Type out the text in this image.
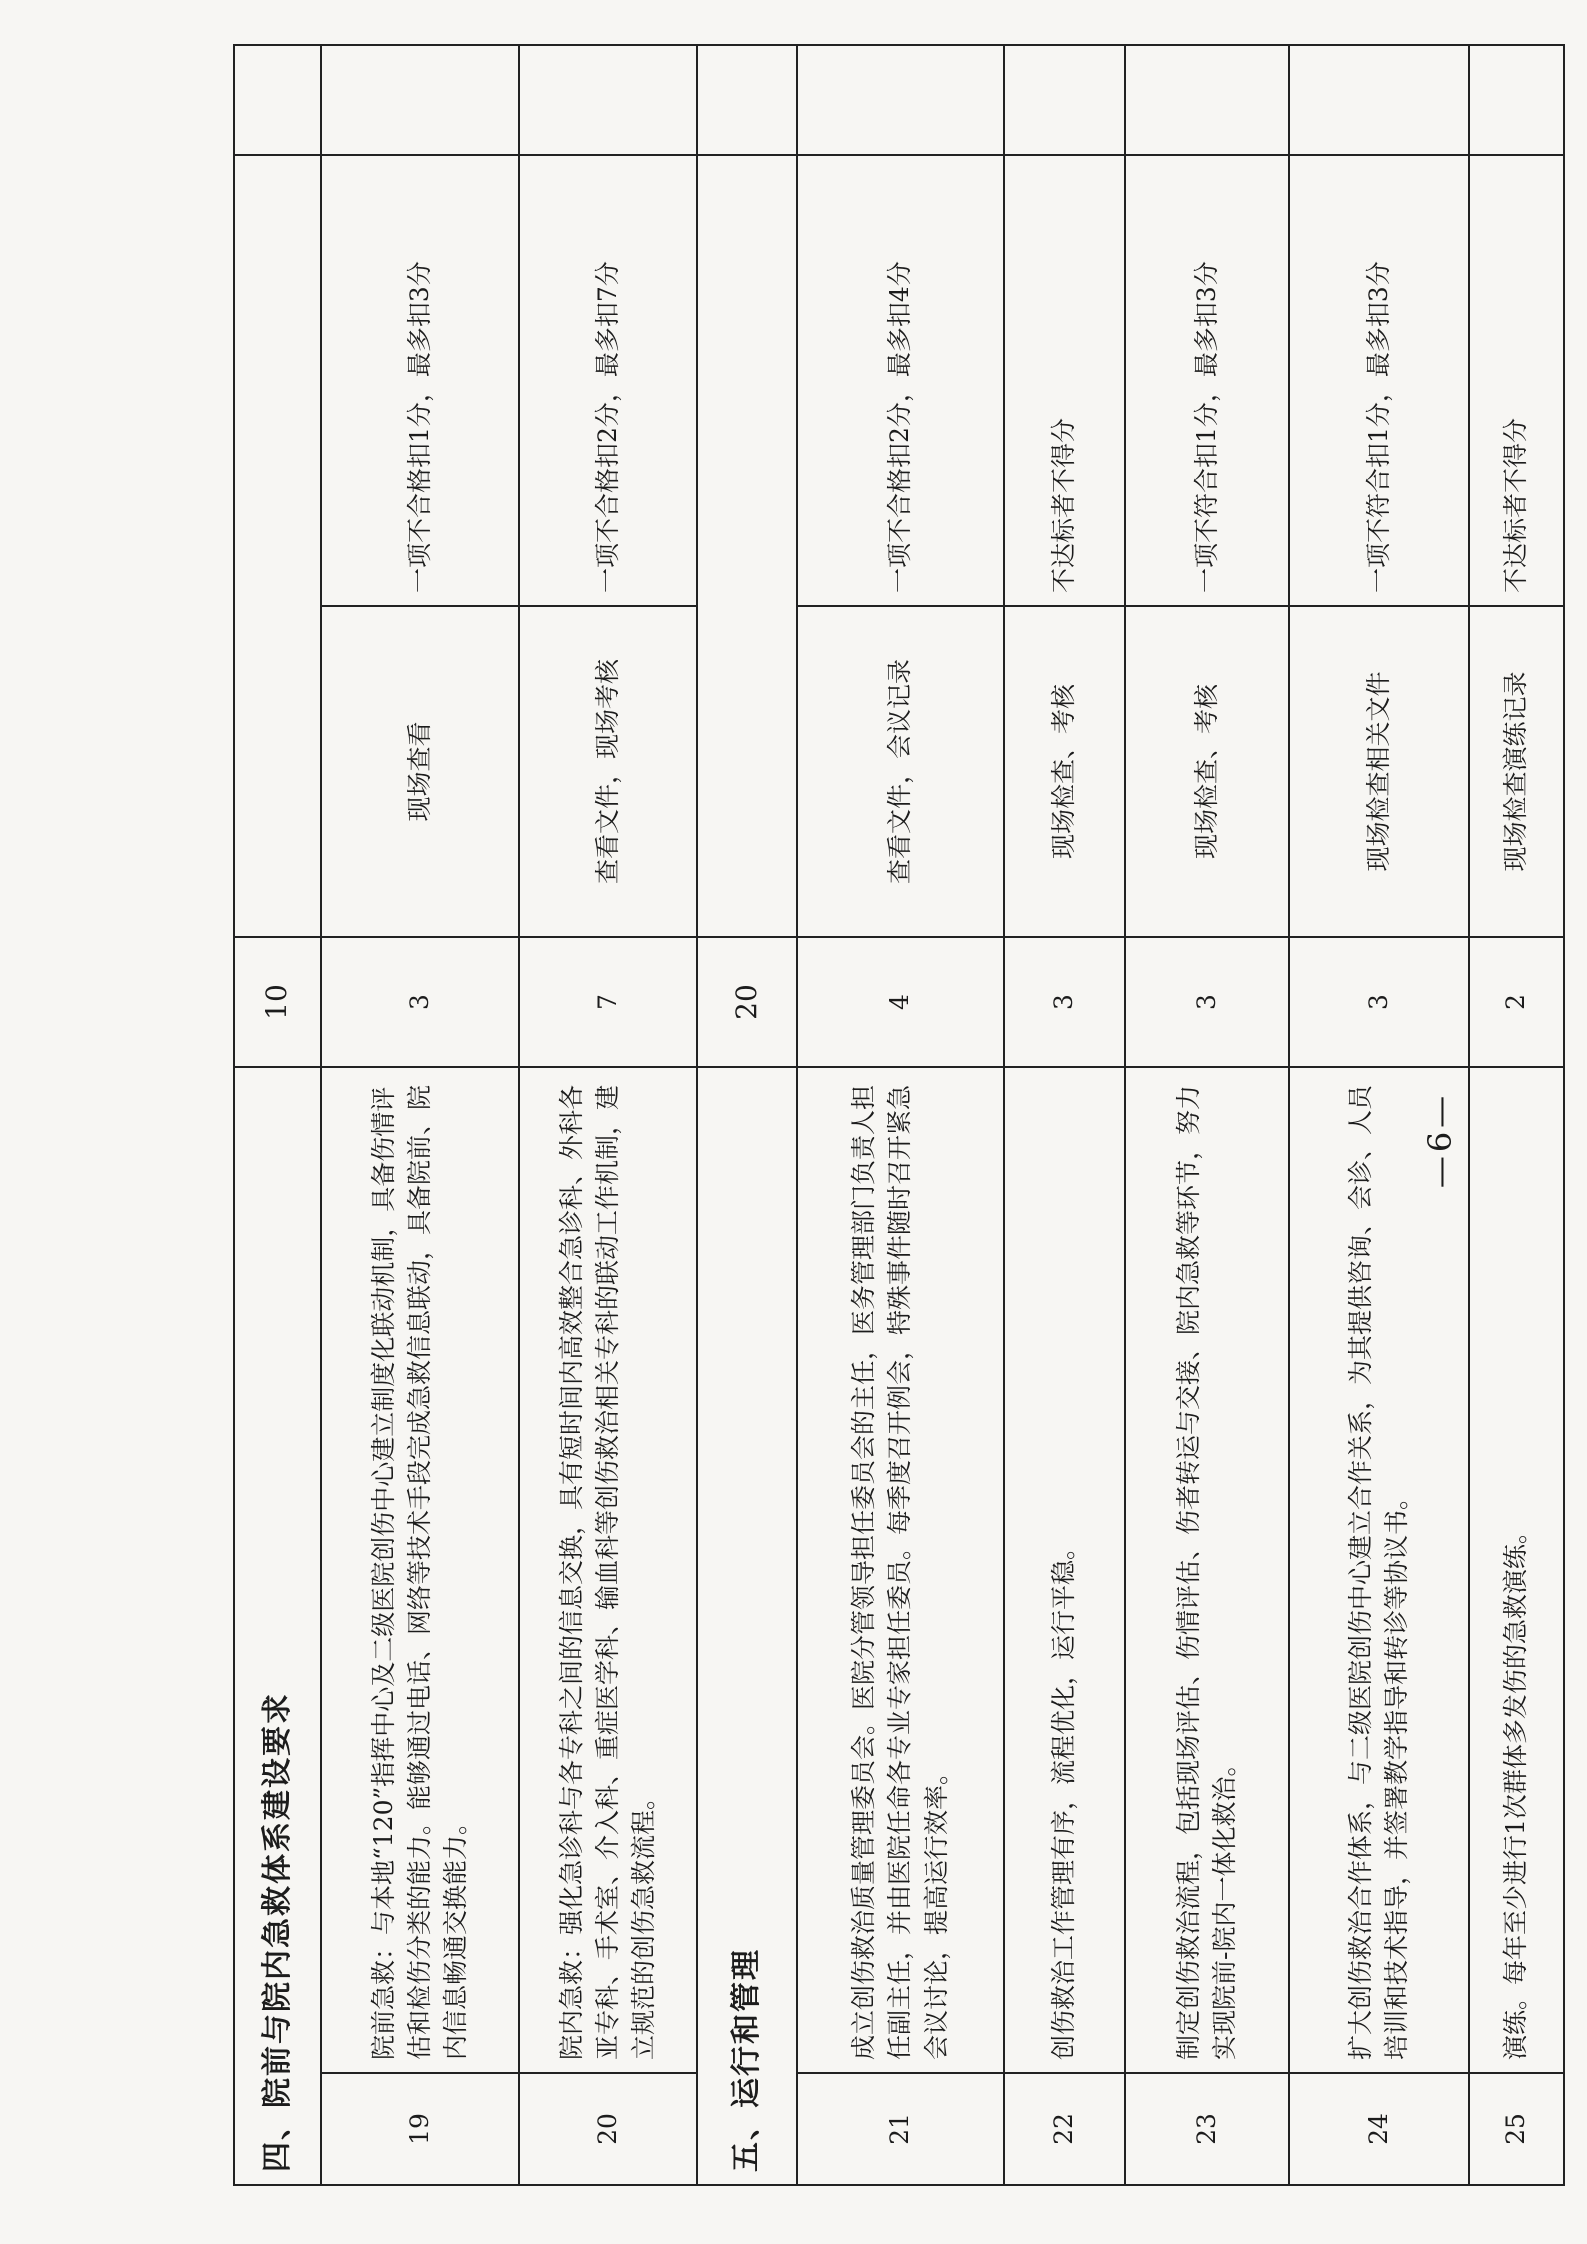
四、院前与院内急救体系建设要求		10			
19	院前急救：与本地“120”指挥中心及二级医院创伤中心建立制度化联动机制，具备伤情评估和检伤分类的能力。能够通过电话、网络等技术手段完成急救信息联动，具备院前、院内信息畅通交换能力。	3	现场查看	一项不合格扣1分，最多扣3分	
20	院内急救：强化急诊科与各专科之间的信息交换，具有短时间内高效整合急诊科、外科各亚专科、手术室、介入科、重症医学科、输血科等创伤救治相关专科的联动工作机制，建立规范的创伤急救流程。	7	查看文件，现场考核	一项不合格扣2分，最多扣7分	
五、运行和管理		20			
21	成立创伤救治质量管理委员会。医院分管领导担任委员会的主任，医务管理部门负责人担任副主任，并由医院任命各专业专家担任委员。每季度召开例会，特殊事件随时召开紧急会议讨论，提高运行效率。	4	查看文件，会议记录	一项不合格扣2分，最多扣4分	
22	创伤救治工作管理有序，流程优化，运行平稳。	3	现场检查、考核	不达标者不得分	
23	制定创伤救治流程，包括现场评估、伤情评估、伤者转运与交接、院内急救等环节，努力实现院前-院内一体化救治。	3	现场检查、考核	一项不符合扣1分，最多扣3分	
24	扩大创伤救治合作体系，与二级医院创伤中心建立合作关系，为其提供咨询、会诊、人员培训和技术指导，并签署教学指导和转诊等协议书。	3	现场检查相关文件	一项不符合扣1分，最多扣3分	
25	演练。每年至少进行1次群体多发伤的急救演练。	2	现场检查演练记录	不达标者不得分	
—6—
